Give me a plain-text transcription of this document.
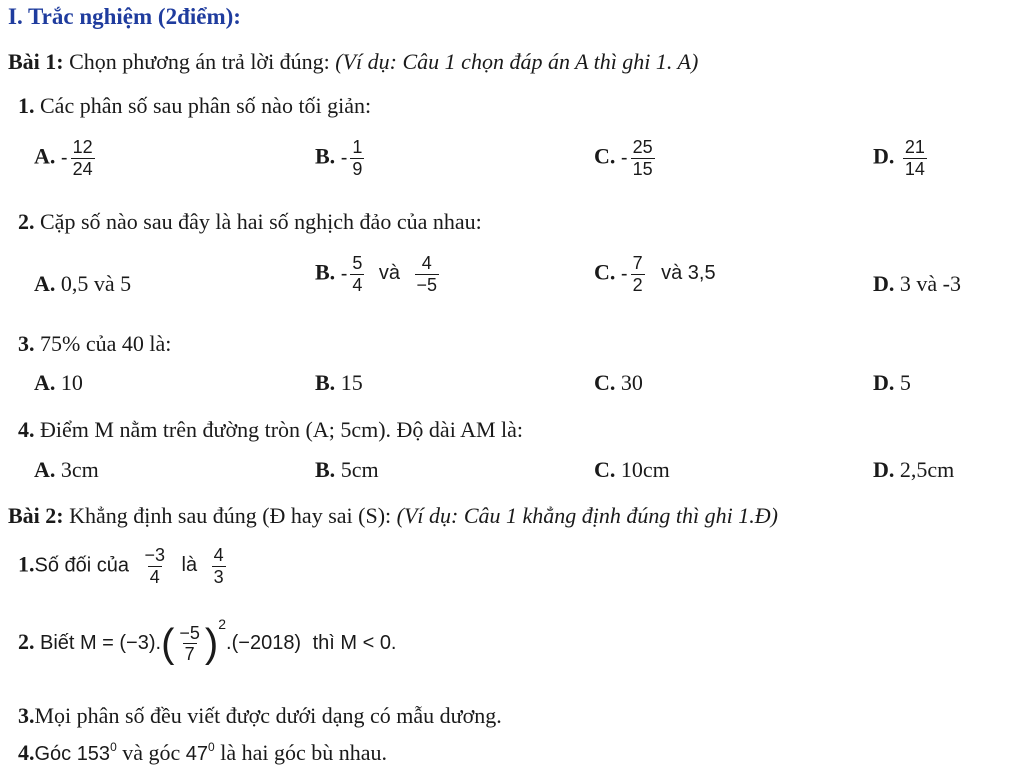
I. Trắc nghiệm (2điểm):
Bài 1: Chọn phương án trả lời đúng: (Ví dụ: Câu 1 chọn đáp án A thì ghi 1. A)
1. Các phân số sau phân số nào tối giản:
A. - $\frac{12}{24}$	B. - $\frac{1}{9}$	C. - $\frac{25}{15}$	D. $\frac{21}{14}$
2. Cặp số nào sau đây là hai số nghịch đảo của nhau:
A. 0,5 và 5	B. - $\frac{5}{4}$ và $\frac{4}{-5}$	C. - $\frac{7}{2}$ và 3,5	D. 3 và -3
3. 75% của 40 là:
A. 10	B. 15	C. 30	D. 5
4. Điểm M nằm trên đường tròn (A; 5cm). Độ dài AM là:
A. 3cm	B. 5cm	C. 10cm	D. 2,5cm
Bài 2: Khẳng định sau đúng (Đ hay sai (S): (Ví dụ: Câu 1 khẳng định đúng thì ghi 1.Đ)
1.Số đối của $\frac{-3}{4}$ là $\frac{4}{3}$
2. Biết $M = (-3).( \frac{-5}{7} )^2.(-2018)$ thì M < 0.
3.Mọi phân số đều viết được dưới dạng có mẫu dương.
4.Góc $153^0$ và góc $47^0$ là hai góc bù nhau.
